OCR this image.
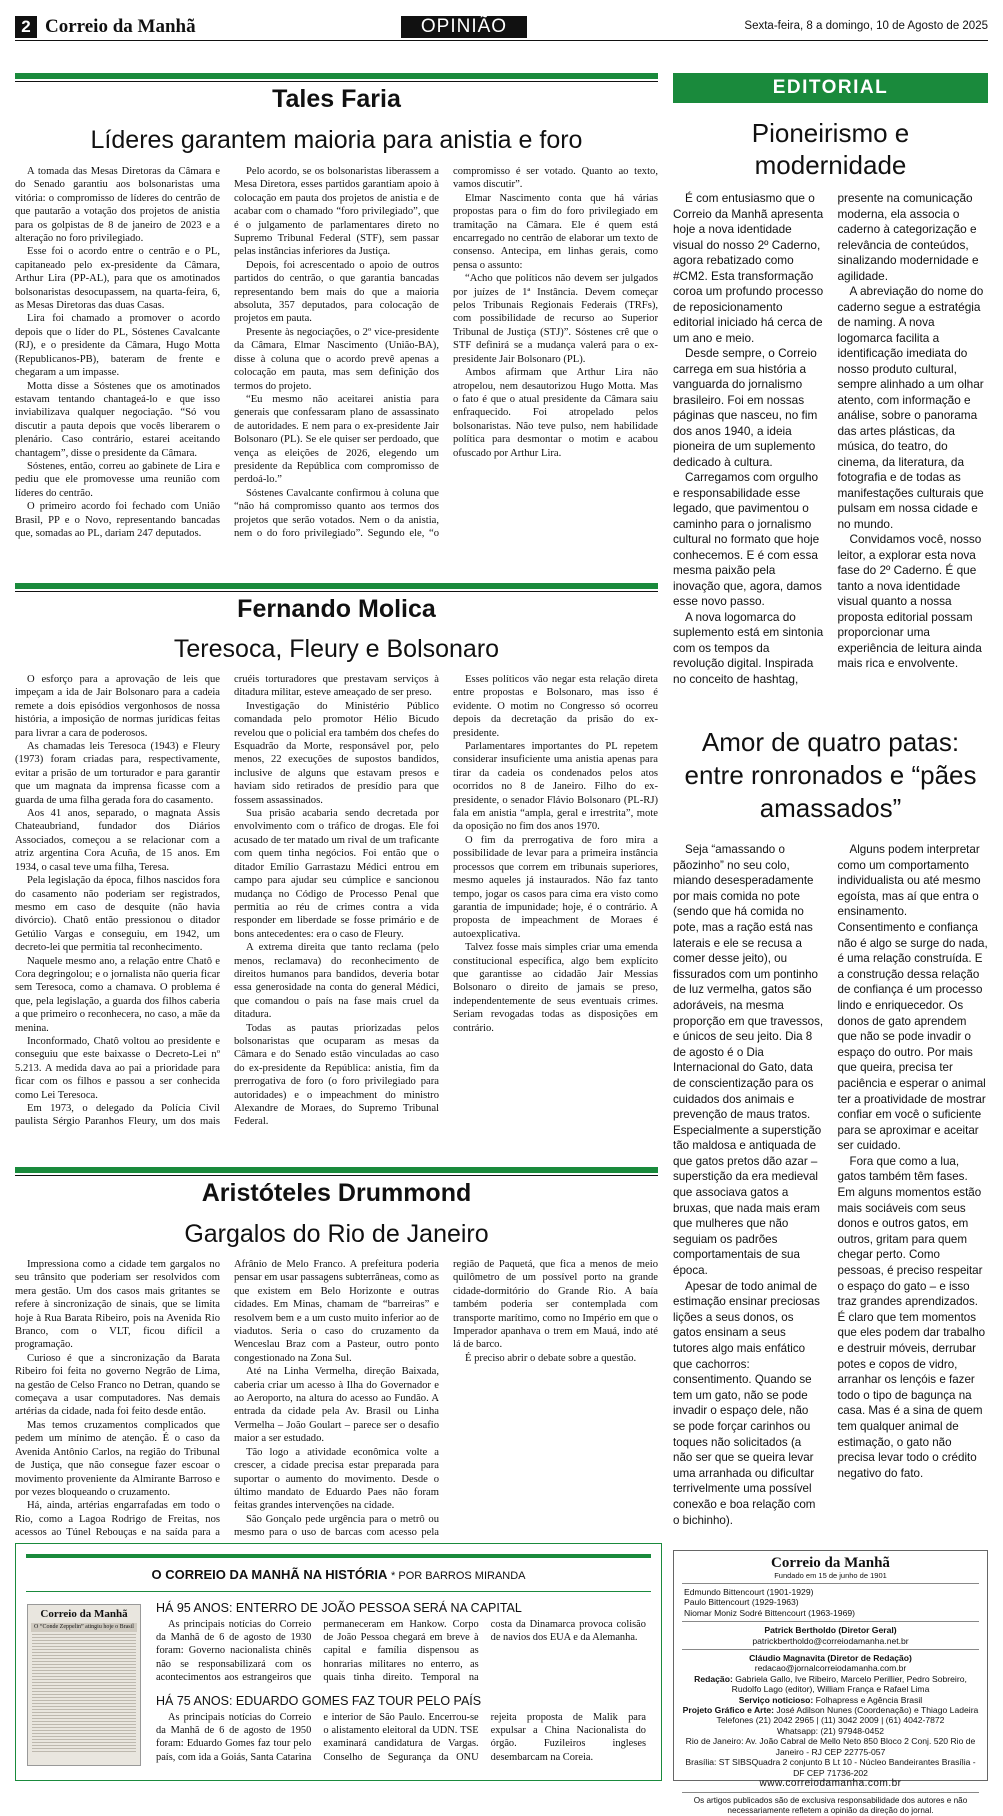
2 Correio da Manhã	OPINIÃO	Sexta-feira, 8 a domingo, 10 de Agosto de 2025
Tales Faria
Líderes garantem maioria para anistia e foro

A tomada das Mesas Diretoras da Câmara e do Senado garantiu aos bolsonaristas uma vitória: o compromisso de líderes do centrão de que pautarão a votação dos projetos de anistia para os golpistas de 8 de janeiro de 2023 e a alteração no foro privilegiado.

Esse foi o acordo entre o centrão e o PL, capitaneado pelo ex-presidente da Câmara, Arthur Lira (PP-AL), para que os amotinados bolsonaristas desocupassem, na quarta-feira, 6, as Mesas Diretoras das duas Casas.

Lira foi chamado a promover o acordo depois que o líder do PL, Sóstenes Cavalcante (RJ), e o presidente da Câmara, Hugo Motta (Republicanos-PB), bateram de frente e chegaram a um impasse.

Motta disse a Sóstenes que os amotinados estavam tentando chantageá-lo e que isso inviabilizava qualquer negociação. “Só vou discutir a pauta depois que vocês liberarem o plenário. Caso contrário, estarei aceitando chantagem”, disse o presidente da Câmara.

Sóstenes, então, correu ao gabinete de Lira e pediu que ele promovesse uma reunião com líderes do centrão.

O primeiro acordo foi fechado com União Brasil, PP e o Novo, representando bancadas que, somadas ao PL, dariam 247 deputados.

Pelo acordo, se os bolsonaristas liberassem a Mesa Diretora, esses partidos garantiam apoio à colocação em pauta dos projetos de anistia e de acabar com o chamado “foro privilegiado”, que é o julgamento de parlamentares direto no Supremo Tribunal Federal (STF), sem passar pelas instâncias inferiores da Justiça.

Depois, foi acrescentado o apoio de outros partidos do centrão, o que garantia bancadas representando bem mais do que a maioria absoluta, 357 deputados, para colocação de projetos em pauta.

Presente às negociações, o 2º vice-presidente da Câmara, Elmar Nascimento (União-BA), disse à coluna que o acordo prevê apenas a colocação em pauta, mas sem definição dos termos do projeto.

“Eu mesmo não aceitarei anistia para generais que confessaram plano de assassinato de autoridades. E nem para o ex-presidente Jair Bolsonaro (PL). Se ele quiser ser perdoado, que vença as eleições de 2026, elegendo um presidente da República com compromisso de perdoá-lo.”

Sóstenes Cavalcante confirmou à coluna que “não há compromisso quanto aos termos dos projetos que serão votados. Nem o da anistia, nem o do foro privilegiado”. Segundo ele, “o compromisso é ser votado. Quanto ao texto, vamos discutir”.

Elmar Nascimento conta que há várias propostas para o fim do foro privilegiado em tramitação na Câmara. Ele é quem está encarregado no centrão de elaborar um texto de consenso. Antecipa, em linhas gerais, como pensa o assunto:

“Acho que políticos não devem ser julgados por juízes de 1ª Instância. Devem começar pelos Tribunais Regionais Federais (TRFs), com possibilidade de recurso ao Superior Tribunal de Justiça (STJ)”. Sóstenes crê que o STF definirá se a mudança valerá para o ex-presidente Jair Bolsonaro (PL).

Ambos afirmam que Arthur Lira não atropelou, nem desautorizou Hugo Motta. Mas o fato é que o atual presidente da Câmara saiu enfraquecido. Foi atropelado pelos bolsonaristas. Não teve pulso, nem habilidade política para desmontar o motim e acabou ofuscado por Arthur Lira.

Fernando Molica
Teresoca, Fleury e Bolsonaro

O esforço para a aprovação de leis que impeçam a ida de Jair Bolsonaro para a cadeia remete a dois episódios vergonhosos de nossa história, a imposição de normas jurídicas feitas para livrar a cara de poderosos.

As chamadas leis Teresoca (1943) e Fleury (1973) foram criadas para, respectivamente, evitar a prisão de um torturador e para garantir que um magnata da imprensa ficasse com a guarda de uma filha gerada fora do casamento.

Aos 41 anos, separado, o magnata Assis Chateaubriand, fundador dos Diários Associados, começou a se relacionar com a atriz argentina Cora Acuña, de 15 anos. Em 1934, o casal teve uma filha, Teresa.

Pela legislação da época, filhos nascidos fora do casamento não poderiam ser registrados, mesmo em caso de desquite (não havia divórcio). Chatô então pressionou o ditador Getúlio Vargas e conseguiu, em 1942, um decreto-lei que permitia tal reconhecimento.

Naquele mesmo ano, a relação entre Chatô e Cora degringolou; e o jornalista não queria ficar sem Teresoca, como a chamava. O problema é que, pela legislação, a guarda dos filhos caberia a que primeiro o reconhecera, no caso, a mãe da menina.

Inconformado, Chatô voltou ao presidente e conseguiu que este baixasse o Decreto-Lei nº 5.213. A medida dava ao pai a prioridade para ficar com os filhos e passou a ser conhecida como Lei Teresoca.

Em 1973, o delegado da Polícia Civil paulista Sérgio Paranhos Fleury, um dos mais cruéis torturadores que prestavam serviços à ditadura militar, esteve ameaçado de ser preso.

Investigação do Ministério Público comandada pelo promotor Hélio Bicudo revelou que o policial era também dos chefes do Esquadrão da Morte, responsável por, pelo menos, 22 execuções de supostos bandidos, inclusive de alguns que estavam presos e haviam sido retirados de presídio para que fossem assassinados.

Sua prisão acabaria sendo decretada por envolvimento com o tráfico de drogas. Ele foi acusado de ter matado um rival de um traficante com quem tinha negócios. Foi então que o ditador Emílio Garrastazu Médici entrou em campo para ajudar seu cúmplice e sancionou mudança no Código de Processo Penal que permitia ao réu de crimes contra a vida responder em liberdade se fosse primário e de bons antecedentes: era o caso de Fleury.

A extrema direita que tanto reclama (pelo menos, reclamava) do reconhecimento de direitos humanos para bandidos, deveria botar essa generosidade na conta do general Médici, que comandou o país na fase mais cruel da ditadura.

Todas as pautas priorizadas pelos bolsonaristas que ocuparam as mesas da Câmara e do Senado estão vinculadas ao caso do ex-presidente da República: anistia, fim da prerrogativa de foro (o foro privilegiado para autoridades) e o impeachment do ministro Alexandre de Moraes, do Supremo Tribunal Federal.

Esses políticos vão negar esta relação direta entre propostas e Bolsonaro, mas isso é evidente. O motim no Congresso só ocorreu depois da decretação da prisão do ex-presidente.

Parlamentares importantes do PL repetem considerar insuficiente uma anistia apenas para tirar da cadeia os condenados pelos atos ocorridos no 8 de Janeiro. Filho do ex-presidente, o senador Flávio Bolsonaro (PL-RJ) fala em anistia “ampla, geral e irrestrita”, mote da oposição no fim dos anos 1970.

O fim da prerrogativa de foro mira a possibilidade de levar para a primeira instância processos que correm em tribunais superiores, mesmo aqueles já instaurados. Não faz tanto tempo, jogar os casos para cima era visto como garantia de impunidade; hoje, é o contrário. A proposta de impeachment de Moraes é autoexplicativa.

Talvez fosse mais simples criar uma emenda constitucional específica, algo bem explícito que garantisse ao cidadão Jair Messias Bolsonaro o direito de jamais se preso, independentemente de seus eventuais crimes. Seriam revogadas todas as disposições em contrário.

Aristóteles Drummond
Gargalos do Rio de Janeiro

Impressiona como a cidade tem gargalos no seu trânsito que poderiam ser resolvidos com mera gestão. Um dos casos mais gritantes se refere à sincronização de sinais, que se limita hoje à Rua Barata Ribeiro, pois na Avenida Rio Branco, com o VLT, ficou difícil a programação.

Curioso é que a sincronização da Barata Ribeiro foi feita no governo Negrão de Lima, na gestão de Celso Franco no Detran, quando se começava a usar computadores. Nas demais artérias da cidade, nada foi feito desde então.

Mas temos cruzamentos complicados que pedem um mínimo de atenção. É o caso da Avenida Antônio Carlos, na região do Tribunal de Justiça, que não consegue fazer escoar o movimento proveniente da Almirante Barroso e por vezes bloqueando o cruzamento.

Há, ainda, artérias engarrafadas em todo o Rio, como a Lagoa Rodrigo de Freitas, nos acessos ao Túnel Rebouças e na saída para a Afrânio de Melo Franco. A prefeitura poderia pensar em usar passagens subterrâneas, como as que existem em Belo Horizonte e outras cidades. Em Minas, chamam de “barreiras” e resolvem bem e a um custo muito inferior ao de viadutos. Seria o caso do cruzamento da Wenceslau Braz com a Pasteur, outro ponto congestionado na Zona Sul.

Até na Linha Vermelha, direção Baixada, caberia criar um acesso à Ilha do Governador e ao Aeroporto, na altura do acesso ao Fundão. A entrada da cidade pela Av. Brasil ou Linha Vermelha – João Goulart – parece ser o desafio maior a ser estudado.

Tão logo a atividade econômica volte a crescer, a cidade precisa estar preparada para suportar o aumento do movimento. Desde o último mandato de Eduardo Paes não foram feitas grandes intervenções na cidade.

São Gonçalo pede urgência para o metrô ou mesmo para o uso de barcas com acesso pela região de Paquetá, que fica a menos de meio quilômetro de um possível porto na grande cidade-dormitório do Grande Rio. A baía também poderia ser contemplada com transporte marítimo, como no Império em que o Imperador apanhava o trem em Mauá, indo até lá de barco.

É preciso abrir o debate sobre a questão.

EDITORIAL
Pioneirismo e modernidade

É com entusiasmo que o Correio da Manhã apresenta hoje a nova identidade visual do nosso 2º Caderno, agora rebatizado como #CM2. Esta transformação coroa um profundo processo de reposicionamento editorial iniciado há cerca de um ano e meio.

Desde sempre, o Correio carrega em sua história a vanguarda do jornalismo brasileiro. Foi em nossas páginas que nasceu, no fim dos anos 1940, a ideia pioneira de um suplemento dedicado à cultura.

Carregamos com orgulho e responsabilidade esse legado, que pavimentou o caminho para o jornalismo cultural no formato que hoje conhecemos. E é com essa mesma paixão pela inovação que, agora, damos esse novo passo.

A nova logomarca do suplemento está em sintonia com os tempos da revolução digital. Inspirada no conceito de hashtag, presente na comunicação moderna, ela associa o caderno à categorização e relevância de conteúdos, sinalizando modernidade e agilidade.

A abreviação do nome do caderno segue a estratégia de naming. A nova logomarca facilita a identificação imediata do nosso produto cultural, sempre alinhado a um olhar atento, com informação e análise, sobre o panorama das artes plásticas, da música, do teatro, do cinema, da literatura, da fotografia e de todas as manifestações culturais que pulsam em nossa cidade e no mundo.

Convidamos você, nosso leitor, a explorar esta nova fase do 2º Caderno. É que tanto a nova identidade visual quanto a nossa proposta editorial possam proporcionar uma experiência de leitura ainda mais rica e envolvente.

Amor de quatro patas: entre ronronados e “pães amassados”

Seja “amassando o pãozinho” no seu colo, miando desesperadamente por mais comida no pote (sendo que há comida no pote, mas a ração está nas laterais e ele se recusa a comer desse jeito), ou fissurados com um pontinho de luz vermelha, gatos são adoráveis, na mesma proporção em que travessos, e únicos de seu jeito. Dia 8 de agosto é o Dia Internacional do Gato, data de conscientização para os cuidados dos animais e prevenção de maus tratos. Especialmente a superstição tão maldosa e antiquada de que gatos pretos dão azar – superstição da era medieval que associava gatos a bruxas, que nada mais eram que mulheres que não seguiam os padrões comportamentais de sua época.

Apesar de todo animal de estimação ensinar preciosas lições a seus donos, os gatos ensinam a seus tutores algo mais enfático que cachorros: consentimento. Quando se tem um gato, não se pode invadir o espaço dele, não se pode forçar carinhos ou toques não solicitados (a não ser que se queira levar uma arranhada ou dificultar terrivelmente uma possível conexão e boa relação com o bichinho).

Alguns podem interpretar como um comportamento individualista ou até mesmo egoísta, mas aí que entra o ensinamento. Consentimento e confiança não é algo se surge do nada, é uma relação construída. E a construção dessa relação de confiança é um processo lindo e enriquecedor. Os donos de gato aprendem que não se pode invadir o espaço do outro. Por mais que queira, precisa ter paciência e esperar o animal ter a proatividade de mostrar confiar em você o suficiente para se aproximar e aceitar ser cuidado.

Fora que como a lua, gatos também têm fases. Em alguns momentos estão mais sociáveis com seus donos e outros gatos, em outros, gritam para quem chegar perto. Como pessoas, é preciso respeitar o espaço do gato – e isso traz grandes aprendizados. É claro que tem momentos que eles podem dar trabalho e destruir móveis, derrubar potes e copos de vidro, arranhar os lençóis e fazer todo o tipo de bagunça na casa. Mas é a sina de quem tem qualquer animal de estimação, o gato não precisa levar todo o crédito negativo do fato.

O CORREIO DA MANHÃ NA HISTÓRIA * POR BARROS MIRANDA
Correio da Manhã
O “Conde Zeppelin” atingiu hoje o Brasil
HÁ 95 ANOS: ENTERRO DE JOÃO PESSOA SERÁ NA CAPITAL
As principais notícias do Correio da Manhã de 6 de agosto de 1930 foram: Governo nacionalista chinês não se responsabilizará com os acontecimentos aos estrangeiros que permaneceram em Hankow. Corpo de João Pessoa chegará em breve à capital e família dispensou as honrarias militares no enterro, as quais tinha direito. Temporal na costa da Dinamarca provoca colisão de navios dos EUA e da Alemanha.
HÁ 75 ANOS: EDUARDO GOMES FAZ TOUR PELO PAÍS
As principais notícias do Correio da Manhã de 6 de agosto de 1950 foram: Eduardo Gomes faz tour pelo país, com ida a Goiás, Santa Catarina e interior de São Paulo. Encerrou-se o alistamento eleitoral da UDN. TSE examinará candidatura de Vargas. Conselho de Segurança da ONU rejeita proposta de Malik para expulsar a China Nacionalista do órgão. Fuzileiros ingleses desembarcam na Coreia.
Correio da Manhã
Fundado em 15 de junho de 1901
Edmundo Bittencourt (1901-1929)
Paulo Bittencourt (1929-1963)
Niomar Moniz Sodré Bittencourt (1963-1969)
Patrick Bertholdo (Diretor Geral)
patrickbertholdo@correiodamanha.net.br
Cláudio Magnavita (Diretor de Redação)
redacao@jornalcorreiodamanha.com.br
Redação: Gabriela Gallo, Ive Ribeiro, Marcelo Perillier, Pedro Sobreiro, Rudolfo Lago (editor), William França e Rafael Lima
Serviço noticioso: Folhapress e Agência Brasil
Projeto Gráfico e Arte: José Adilson Nunes (Coordenação) e Thiago Ladeira
Telefones (21) 2042 2965 | (11) 3042 2009 | (61) 4042-7872
Whatsapp: (21) 97948-0452
Rio de Janeiro: Av. João Cabral de Mello Neto 850 Bloco 2 Conj. 520 Rio de Janeiro - RJ CEP 22775-057
Brasília: ST SIBSQuadra 2 conjunto B Lt 10 - Núcleo Bandeirantes Brasília - DF CEP 71736-202
www.correiodamanha.com.br
Os artigos publicados são de exclusiva responsabilidade dos autores e não necessariamente refletem a opinião da direção do jornal.
